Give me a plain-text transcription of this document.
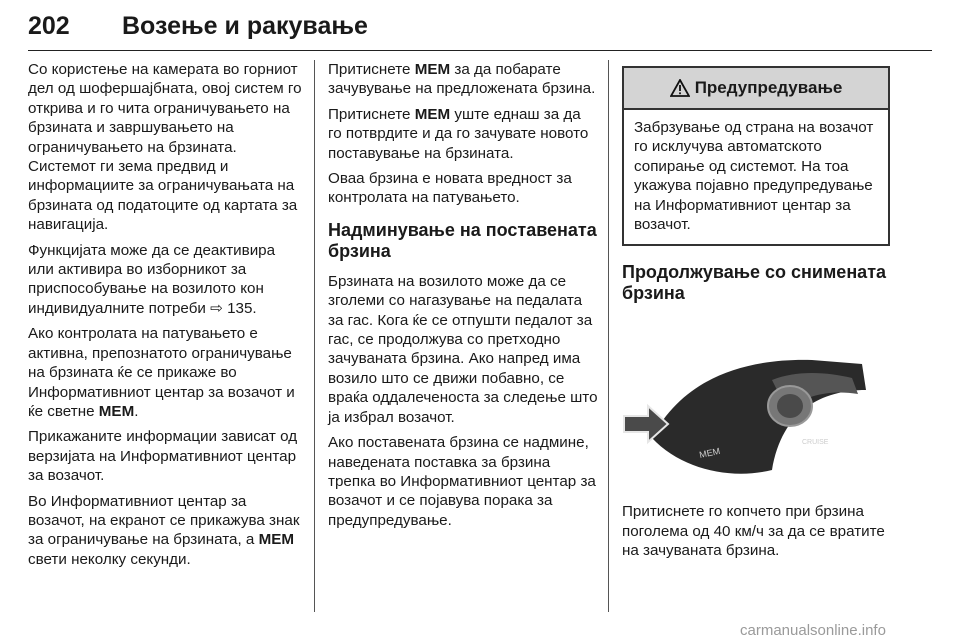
202 Возење и ракување

Со користење на камерата во горниот дел од шофершајбната, овој систем го открива и го чита ограничувањето на брзината и завршувањето на ограничувањето на брзината. Системот ги зема предвид и информациите за ограничувањата на брзината од податоците од картата за навигација.

Функцијата може да се деактивира или активира во изборникот за приспособување на возилото кон индивидуалните потреби ⇨ 135.

Ако контролата на патувањето е активна, препознатото ограничување на брзината ќе се прикаже во Информативниот центар за возачот и ќе светне MEM.

Прикажаните информации зависат од верзијата на Информативниот центар за возачот.

Во Информативниот центар за возачот, на екранот се прикажува знак за ограничување на брзината, а MEM свети неколку секунди.

Притиснете MEM за да побарате зачувување на предложената брзина.

Притиснете MEM уште еднаш за да го потврдите и да го зачувате новото поставување на брзината.

Оваа брзина е новата вредност за контролата на патувањето.

Надминување на поставената брзина

Брзината на возилото може да се зголеми со нагазување на педалата за гас. Кога ќе се отпушти педалот за гас, се продолжува со претходно зачуваната брзина. Ако напред има возило што се движи побавно, се враќа оддалеченоста за следење што ја избрал возачот.

Ако поставената брзина се надмине, наведената поставка за брзина трепка во Информативниот центар за возачот и се појавува порака за предупредување.

Предупредување
Забрзување од страна на возачот го исклучува автоматското сопирање од системот. На тоа укажува појавно предупредување на Информативниот центар за возачот.
Продолжување со снимената брзина
MEM
CRUISE

Притиснете го копчето при брзина поголема од 40 км/ч за да се вратите на зачуваната брзина.

carmanualsonline.info
